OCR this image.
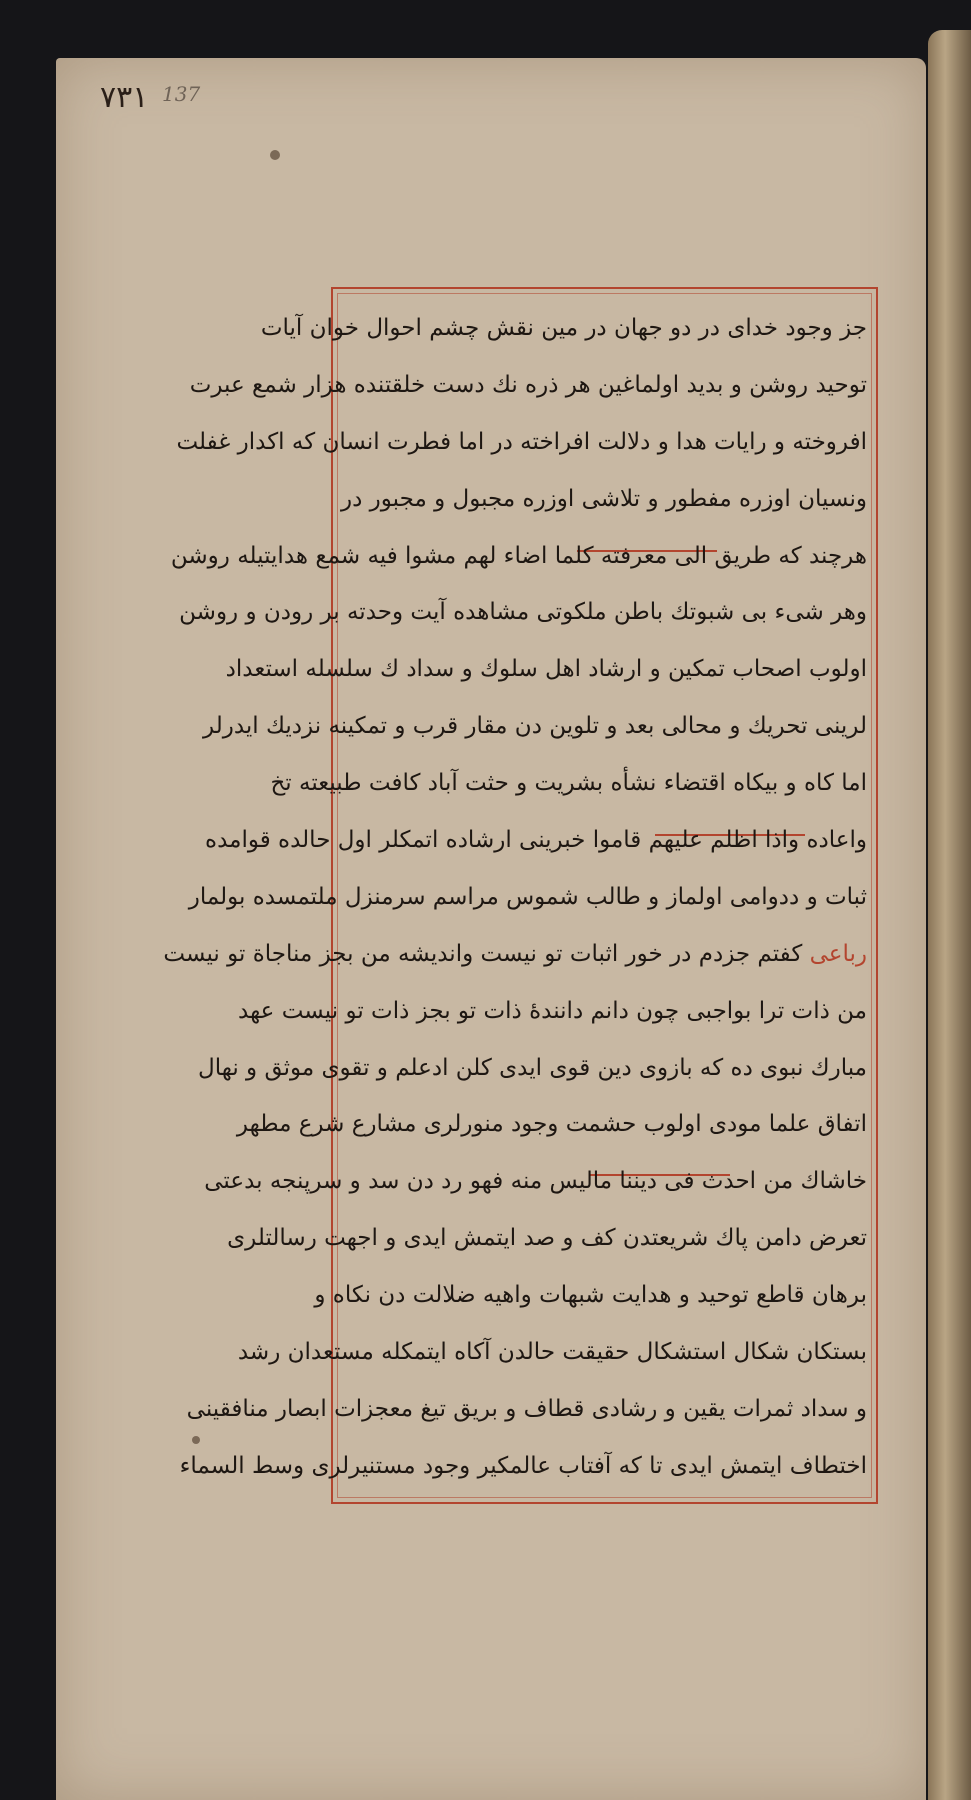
١٣٧ 137
جز وجود خدای در دو جهان در مین نقش چشم احوال خوان آیات
توحید روشن و بدید اولماغین هر ذره نك دست خلقتنده هزار شمع عبرت
افروخته و رایات هدا و دلالت افراخته در اما فطرت انسان که اکدار غفلت
ونسیان اوزره مفطور و تلاشی اوزره مجبول و مجبور در
هرچند که طریق الی معرفته کلما اضاء لهم مشوا فیه شمع هدایتیله روشن
وهر شیء بی شبوتك باطن ملکوتی مشاهده آیت وحدته بر رودن و روشن
اولوب اصحاب تمکین و ارشاد اهل سلوك و سداد ك سلسله استعداد
لرینی تحریك و محالی بعد و تلوین دن مقار قرب و تمکینه نزدیك ایدرلر
اما کاه و بیکاه اقتضاء نشأه بشریت و حثت آباد کافت طبیعته تخ
واعاده واذا اظلم علیهم قاموا خبرینی ارشاده اتمکلر اول حالده قوامده
ثبات و ددوامی اولماز و طالب شموس مراسم سرمنزل ملتمسده بولمار
رباعی کفتم جزدم در خور اثبات تو نیست واندیشه من بجز مناجاة تو نیست
من ذات ترا بواجبی چون دانم دانندهٔ ذات تو بجز ذات تو نیست عهد
مبارك نبوی ده که بازوی دین قوی ایدی کلن ادعلم و تقوی موثق و نهال
اتفاق علما مودی اولوب حشمت وجود منورلری مشارع شرع مطهر
خاشاك من احدث فی دیننا مالیس منه فهو رد دن سد و سرپنجه بدعتی
تعرض دامن پاك شریعتدن کف و صد ایتمش ایدی و اجهت رسالتلری
برهان قاطع توحید و هدایت شبهات واهیه ضلالت دن نکاه و
بستکان شکال استشکال حقیقت حالدن آکاه ایتمکله مستعدان رشد
و سداد ثمرات یقین و رشادی قطاف و بریق تیغ معجزات ابصار منافقینی
اختطاف ایتمش ایدی تا که آفتاب عالمکیر وجود مستنیرلری وسط السماء
